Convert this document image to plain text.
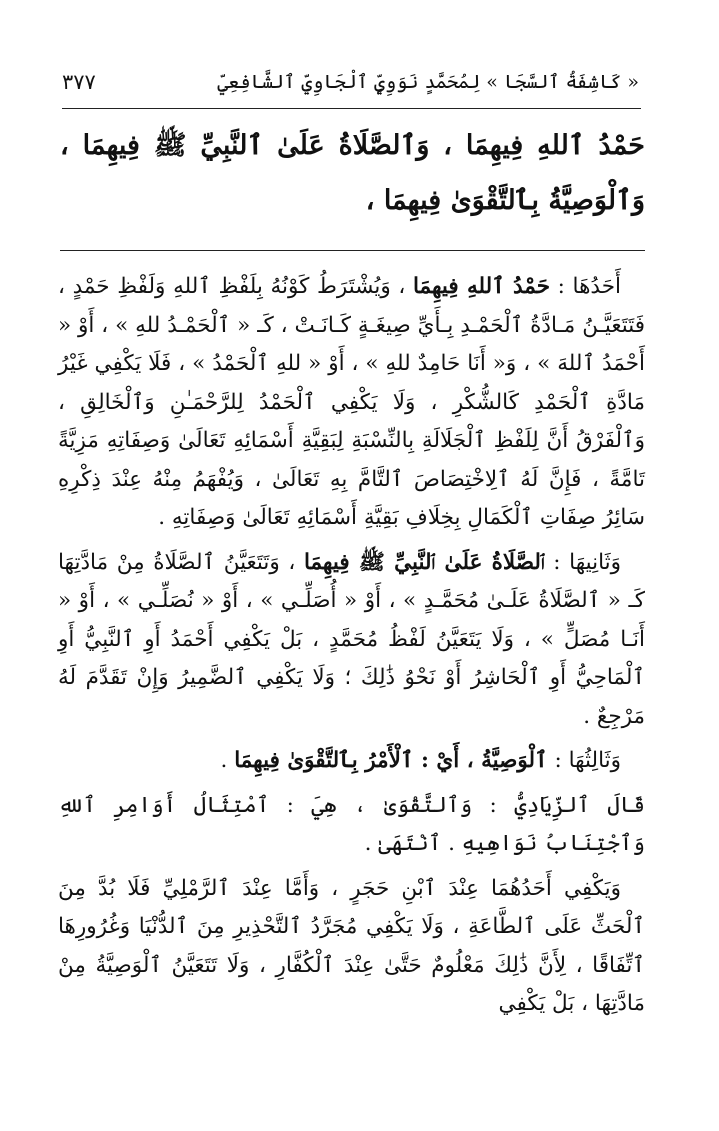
« كَاشِفَةُ ٱلسَّجَا » لِمُحَمَّدٍ نَوَوِيٍّ ٱلْجَاوِيِّ ٱلشَّافِعِيِّ
٣٧٧
حَمْدُ ٱللهِ فِيهِمَا ، وَٱلصَّلَاةُ عَلَىٰ ٱلنَّبِيِّ ﷺ فِيهِمَا ، وَٱلْوَصِيَّةُ بِٱلتَّقْوَىٰ فِيهِمَا ،

أَحَدُهَا : حَمْدُ ٱللهِ فِيهِمَا ، وَيُشْتَرَطُ كَوْنُهُ بِلَفْظِ ٱللهِ وَلَفْظِ حَمْدٍ ، فَتَتَعَيَّـنُ مَـادَّةُ ٱلْحَمْـدِ بِـأَيِّ صِيغَـةٍ كَـانَـتْ ، كَـ « ٱلْحَمْـدُ للهِ » ، أَوْ « أَحْمَدُ ٱللهَ » ، وَ« أَنَا حَامِدٌ للهِ » ، أَوْ « للهِ ٱلْحَمْدُ » ، فَلَا يَكْفِي غَيْرُ مَادَّةِ ٱلْحَمْدِ كَالشُّكْرِ ، وَلَا يَكْفِي ٱلْحَمْدُ لِلرَّحْمَـٰنِ وَٱلْخَالِقِ ، وَٱلْفَرْقُ أَنَّ لِلَفْظِ ٱلْجَلَالَةِ بِالنِّسْبَةِ لِبَقِيَّةِ أَسْمَائِهِ تَعَالَىٰ وَصِفَاتِهِ مَزِيَّةً تَامَّةً ، فَإِنَّ لَهُ ٱلِاخْتِصَاصَ ٱلتَّامَّ بِهِ تَعَالَىٰ ، وَيُفْهَمُ مِنْهُ عِنْدَ ذِكْرِهِ سَائِرُ صِفَاتِ ٱلْكَمَالِ بِخِلَافِ بَقِيَّةِ أَسْمَائِهِ تَعَالَىٰ وَصِفَاتِهِ .

وَثَانِيهَا : ٱلصَّلَاةُ عَلَىٰ ٱلنَّبِيِّ ﷺ فِيهِمَا ، وَتَتَعَيَّنُ ٱلصَّلَاةُ مِنْ مَادَّتِهَا كَـ « ٱلصَّلَاةُ عَلَـىٰ مُحَمَّـدٍ » ، أَوْ « أُصَلِّـي » ، أَوْ « نُصَلِّـي » ، أَوْ « أَنَـا مُصَلٍّ » ، وَلَا يَتَعَيَّنُ لَفْظُ مُحَمَّدٍ ، بَلْ يَكْفِي أَحْمَدُ أَوِ ٱلنَّبِيُّ أَوِ ٱلْمَاحِيُّ أَوِ ٱلْحَاشِرُ أَوْ نَحْوُ ذَٰلِكَ ؛ وَلَا يَكْفِي ٱلضَّمِيرُ وَإِنْ تَقَدَّمَ لَهُ مَرْجِعٌ .

وَثَالِثُهَا : ٱلْوَصِيَّةُ ، أَيْ : ٱلْأَمْرُ بِٱلتَّقْوَىٰ فِيهِمَا .

قَالَ ٱلزِّيَادِيُّ : وَٱلتَّقْوَىٰ ، هِيَ : ٱمْتِثَالُ أَوَامِرِ ٱللهِ وَٱجْتِنَابُ نَوَاهِيهِ . ٱنْتَهَىٰ .

وَيَكْفِي أَحَدُهُمَا عِنْدَ ٱبْنِ حَجَرٍ ، وَأَمَّا عِنْدَ ٱلرَّمْلِيِّ فَلَا بُدَّ مِنَ ٱلْحَثِّ عَلَى ٱلطَّاعَةِ ، وَلَا يَكْفِي مُجَرَّدُ ٱلتَّحْذِيرِ مِنَ ٱلدُّنْيَا وَغُرُورِهَا ٱتِّفَاقًا ، لِأَنَّ ذَٰلِكَ مَعْلُومٌ حَتَّىٰ عِنْدَ ٱلْكُفَّارِ ، وَلَا تَتَعَيَّنُ ٱلْوَصِيَّةُ مِنْ مَادَّتِهَا ، بَلْ يَكْفِي
